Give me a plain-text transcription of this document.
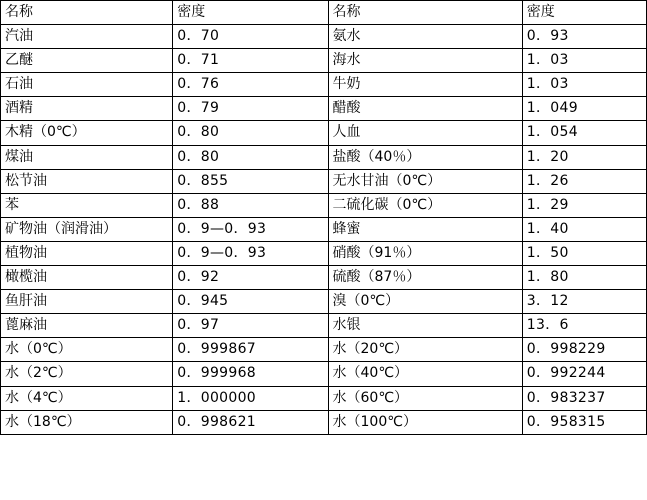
名称	密度	名称	密度
汽油	0．70	氨水	0．93
乙醚	0．71	海水	1．03
石油	0．76	牛奶	1．03
酒精	0．79	醋酸	1．049
木精（0℃）	0．80	人血	1．054
煤油	0．80	盐酸（40％）	1．20
松节油	0．855	无水甘油（0℃）	1．26
苯	0．88	二硫化碳（0℃）	1．29
矿物油（润滑油）	0．9—0．93	蜂蜜	1．40
植物油	0．9—0．93	硝酸（91％）	1．50
橄榄油	0．92	硫酸（87％）	1．80
鱼肝油	0．945	溴（0℃）	3．12
蓖麻油	0．97	水银	13．6
水（0℃）	0．999867	水（20℃）	0．998229
水（2℃）	0．999968	水（40℃）	0．992244
水（4℃）	1．000000	水（60℃）	0．983237
水（18℃）	0．998621	水（100℃）	0．958315
